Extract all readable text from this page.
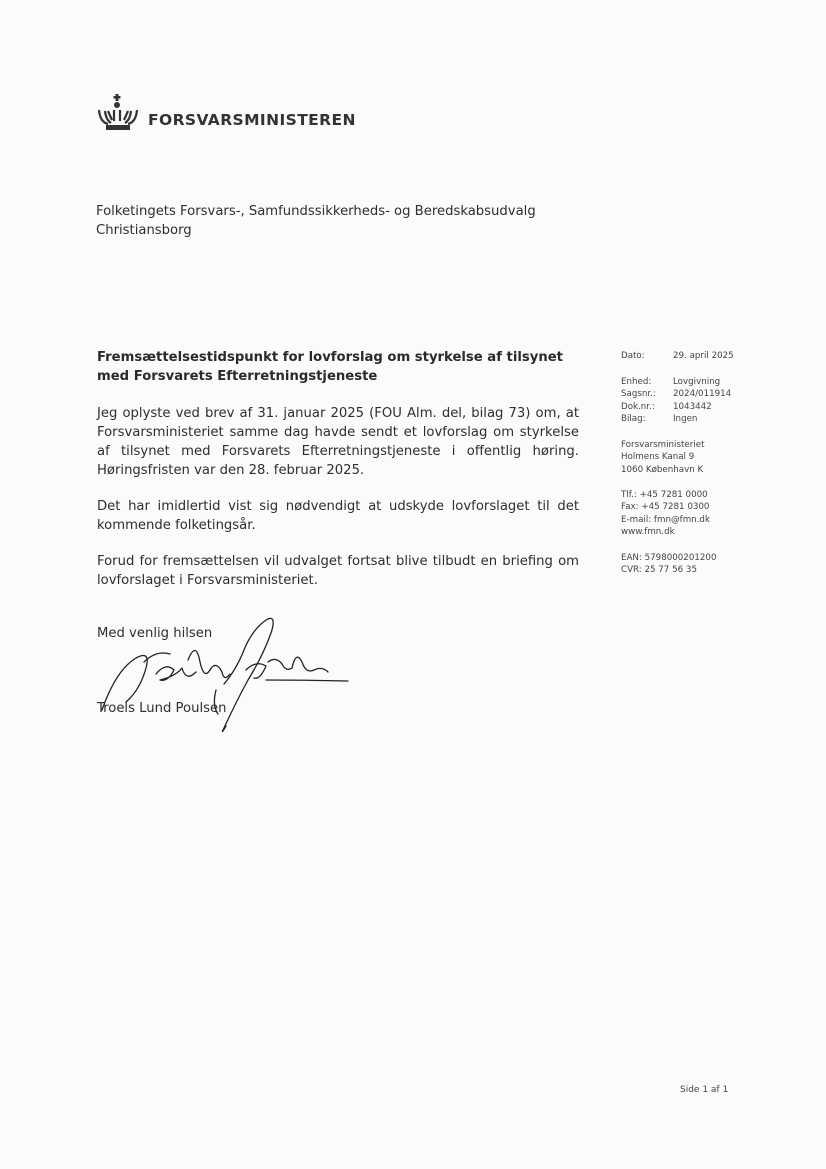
FORSVARSMINISTEREN
Folketingets Forsvars-, Samfundssikkerheds- og Beredskabsudvalg
Christiansborg
Fremsættelsestidspunkt for lovforslag om styrkelse af tilsynet
med Forsvarets Efterretningstjeneste

Jeg oplyste ved brev af 31. januar 2025 (FOU Alm. del, bilag 73) om, at Forsvarsministeriet samme dag havde sendt et lovforslag om styrkelse af tilsynet med Forsvarets Efterretningstjeneste i offentlig høring. Høringsfristen var den 28. februar 2025.

Det har imidlertid vist sig nødvendigt at udskyde lovforslaget til det kommende folketingsår.

Forud for fremsættelsen vil udvalget fortsat blive tilbudt en briefing om lovforslaget i Forsvarsministeriet.

Med venlig hilsen
Troels Lund Poulsen
Dato:	29. april 2025
Enhed:	Lovgivning
Sagsnr.:	2024/011914
Dok.nr.:	1043442
Bilag:	Ingen
Forsvarsministeriet
Holmens Kanal 9
1060 København K
Tlf.: +45 7281 0000
Fax: +45 7281 0300
E-mail: fmn@fmn.dk
www.fmn.dk
EAN: 5798000201200
CVR: 25 77 56 35
Side 1 af 1
